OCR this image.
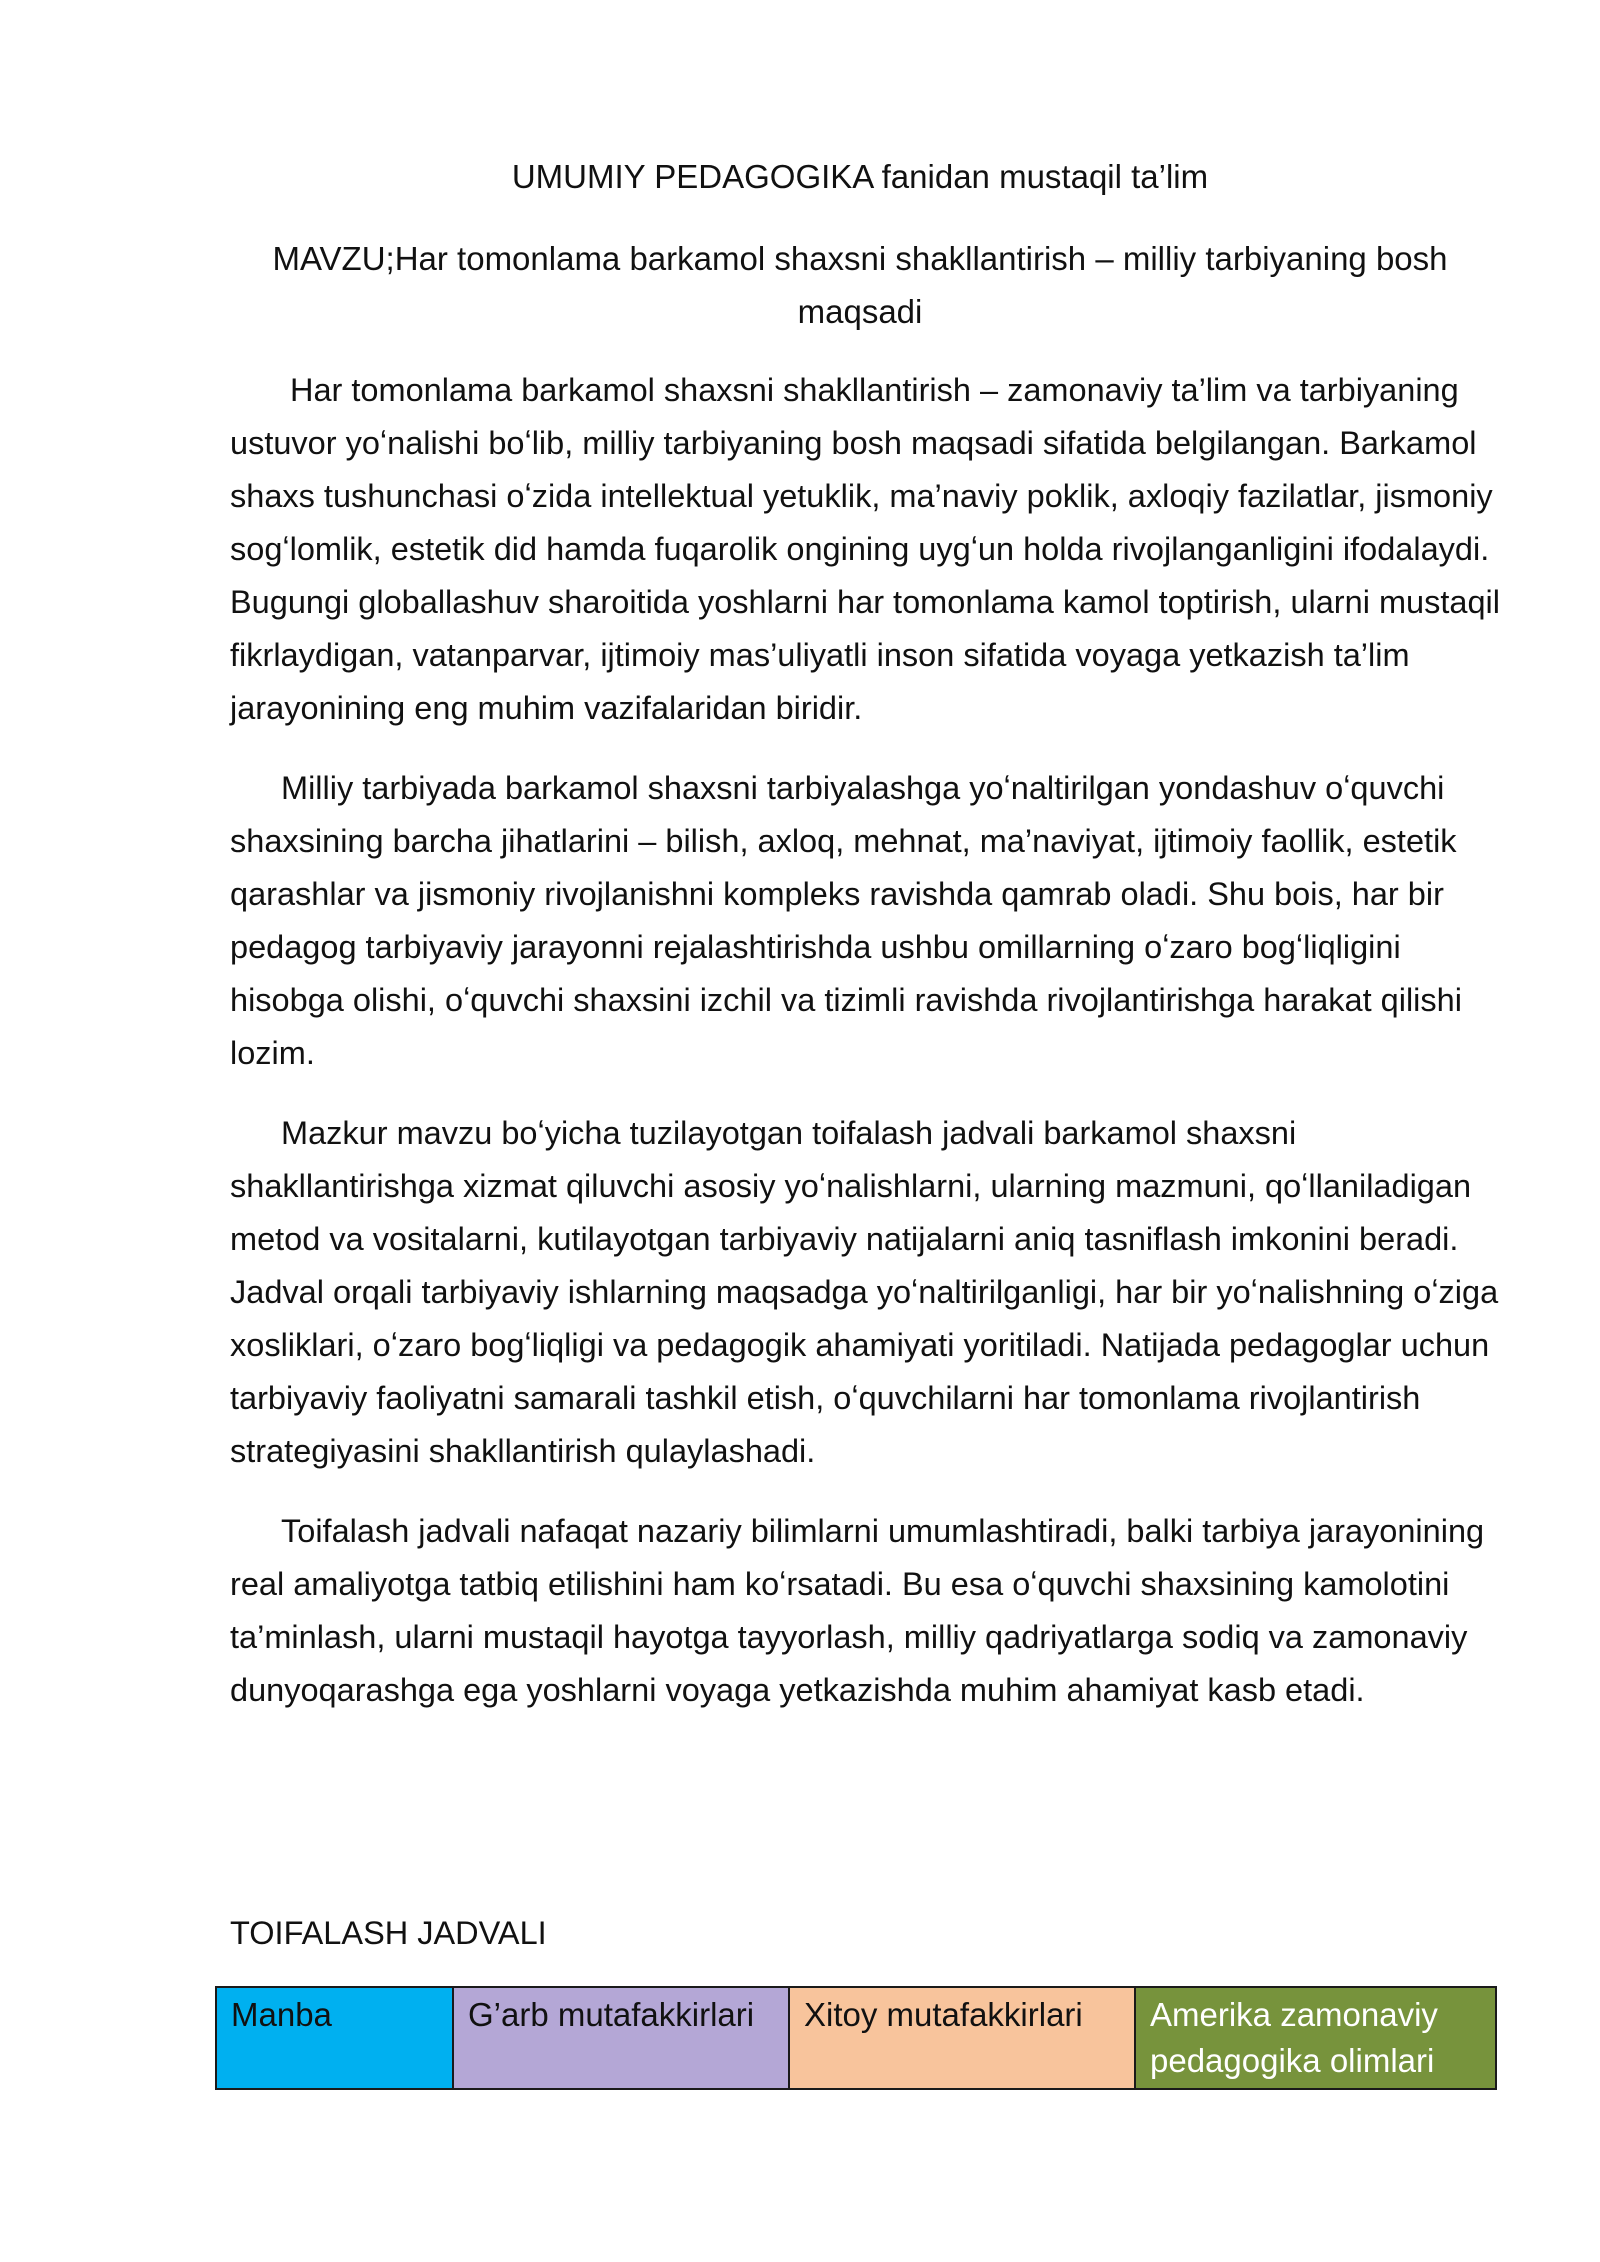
UMUMIY PEDAGOGIKA fanidan mustaqil ta’lim
MAVZU;Har tomonlama barkamol shaxsni shakllantirish – milliy tarbiyaning bosh maqsadi

Har tomonlama barkamol shaxsni shakllantirish – zamonaviy ta’lim va tarbiyaning ustuvor yoʻnalishi boʻlib, milliy tarbiyaning bosh maqsadi sifatida belgilangan. Barkamol shaxs tushunchasi oʻzida intellektual yetuklik, ma’naviy poklik, axloqiy fazilatlar, jismoniy sogʻlomlik, estetik did hamda fuqarolik ongining uygʻun holda rivojlanganligini ifodalaydi. Bugungi globallashuv sharoitida yoshlarni har tomonlama kamol toptirish, ularni mustaqil fikrlaydigan, vatanparvar, ijtimoiy mas’uliyatli inson sifatida voyaga yetkazish ta’lim jarayonining eng muhim vazifalaridan biridir.

Milliy tarbiyada barkamol shaxsni tarbiyalashga yoʻnaltirilgan yondashuv oʻquvchi shaxsining barcha jihatlarini – bilish, axloq, mehnat, ma’naviyat, ijtimoiy faollik, estetik qarashlar va jismoniy rivojlanishni kompleks ravishda qamrab oladi. Shu bois, har bir pedagog tarbiyaviy jarayonni rejalashtirishda ushbu omillarning oʻzaro bogʻliqligini hisobga olishi, oʻquvchi shaxsini izchil va tizimli ravishda rivojlantirishga harakat qilishi lozim.

Mazkur mavzu boʻyicha tuzilayotgan toifalash jadvali barkamol shaxsni shakllantirishga xizmat qiluvchi asosiy yoʻnalishlarni, ularning mazmuni, qoʻllaniladigan metod va vositalarni, kutilayotgan tarbiyaviy natijalarni aniq tasniflash imkonini beradi. Jadval orqali tarbiyaviy ishlarning maqsadga yoʻnaltirilganligi, har bir yoʻnalishning oʻziga xosliklari, oʻzaro bogʻliqligi va pedagogik ahamiyati yoritiladi. Natijada pedagoglar uchun tarbiyaviy faoliyatni samarali tashkil etish, oʻquvchilarni har tomonlama rivojlantirish strategiyasini shakllantirish qulaylashadi.

Toifalash jadvali nafaqat nazariy bilimlarni umumlashtiradi, balki tarbiya jarayonining real amaliyotga tatbiq etilishini ham koʻrsatadi. Bu esa oʻquvchi shaxsining kamolotini ta’minlash, ularni mustaqil hayotga tayyorlash, milliy qadriyatlarga sodiq va zamonaviy dunyoqarashga ega yoshlarni voyaga yetkazishda muhim ahamiyat kasb etadi.

TOIFALASH JADVALI
Manba	G’arb mutafakkirlari	Xitoy mutafakkirlari	Amerika zamonaviy pedagogika olimlari
